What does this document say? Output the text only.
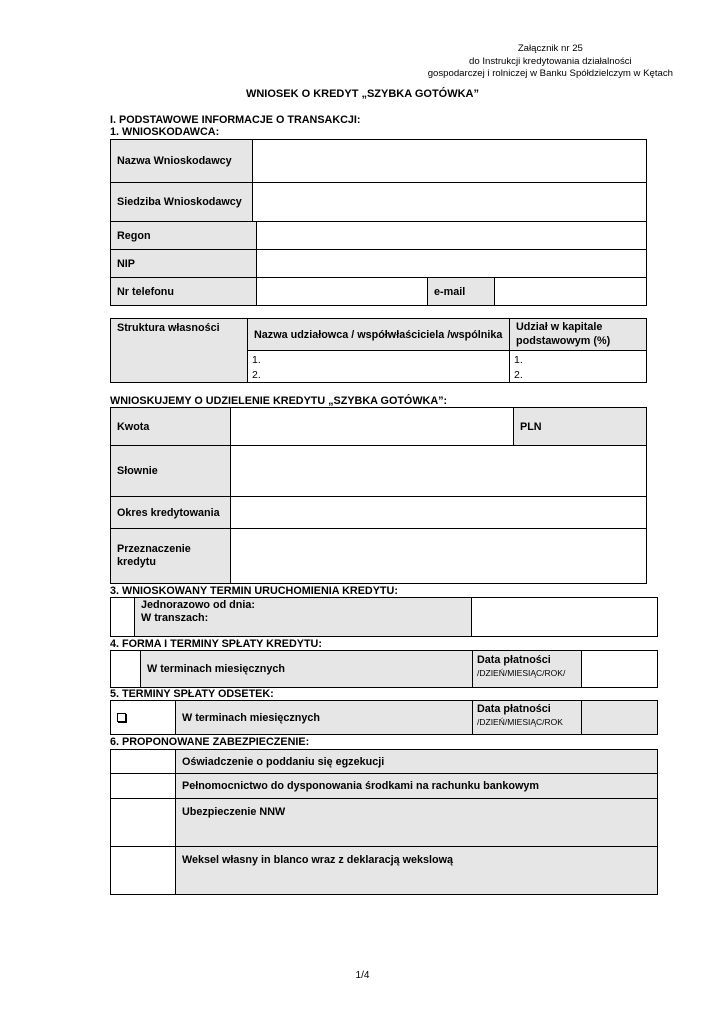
Załącznik nr 25
do Instrukcji kredytowania działalności
gospodarczej i rolniczej w Banku Spółdzielczym w Kętach
WNIOSEK O KREDYT „SZYBKA GOTÓWKA”
I. PODSTAWOWE INFORMACJE O TRANSAKCJI:
1. WNIOSKODAWCA:
Nazwa Wnioskodawcy
Siedziba Wnioskodawcy
Regon
NIP
Nr telefonu	e-mail
Struktura własności
Nazwa udziałowca / współwłaściciela /wspólnika
Udział w kapitale podstawowym (%)
1.
2.
1.
2.
WNIOSKUJEMY O UDZIELENIE KREDYTU „SZYBKA GOTÓWKA”:
Kwota	PLN
Słownie
Okres kredytowania
Przeznaczenie kredytu
3. WNIOSKOWANY TERMIN URUCHOMIENIA KREDYTU:
Jednorazowo od dnia:
W transzach:
4. FORMA I TERMINY SPŁATY KREDYTU:
W terminach miesięcznych
Data płatności
/DZIEŃ/MIESIĄC/ROK/
5. TERMINY SPŁATY ODSETEK:
W terminach miesięcznych
Data płatności
/DZIEŃ/MIESIĄC/ROK
6. PROPONOWANE ZABEZPIECZENIE:
Oświadczenie o poddaniu się egzekucji
Pełnomocnictwo do dysponowania środkami na rachunku bankowym
Ubezpieczenie NNW
Weksel własny in blanco wraz z deklaracją wekslową
1/4
